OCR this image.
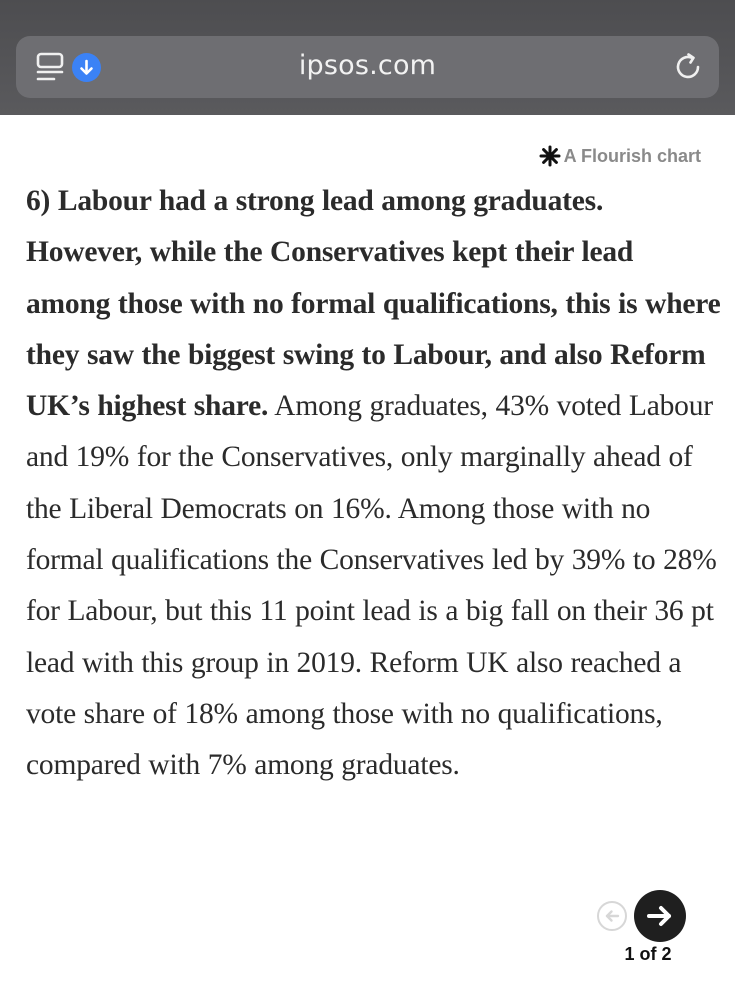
ipsos.com
A Flourish chart
6) Labour had a strong lead among graduates. However, while the Conservatives kept their lead among those with no formal qualifications, this is where they saw the biggest swing to Labour, and also Reform UK’s highest share. Among graduates, 43% voted Labour and 19% for the Conservatives, only marginally ahead of the Liberal Democrats on 16%. Among those with no formal qualifications the Conservatives led by 39% to 28% for Labour, but this 11 point lead is a big fall on their 36 pt lead with this group in 2019. Reform UK also reached a vote share of 18% among those with no qualifications, compared with 7% among graduates.
1 of 2
